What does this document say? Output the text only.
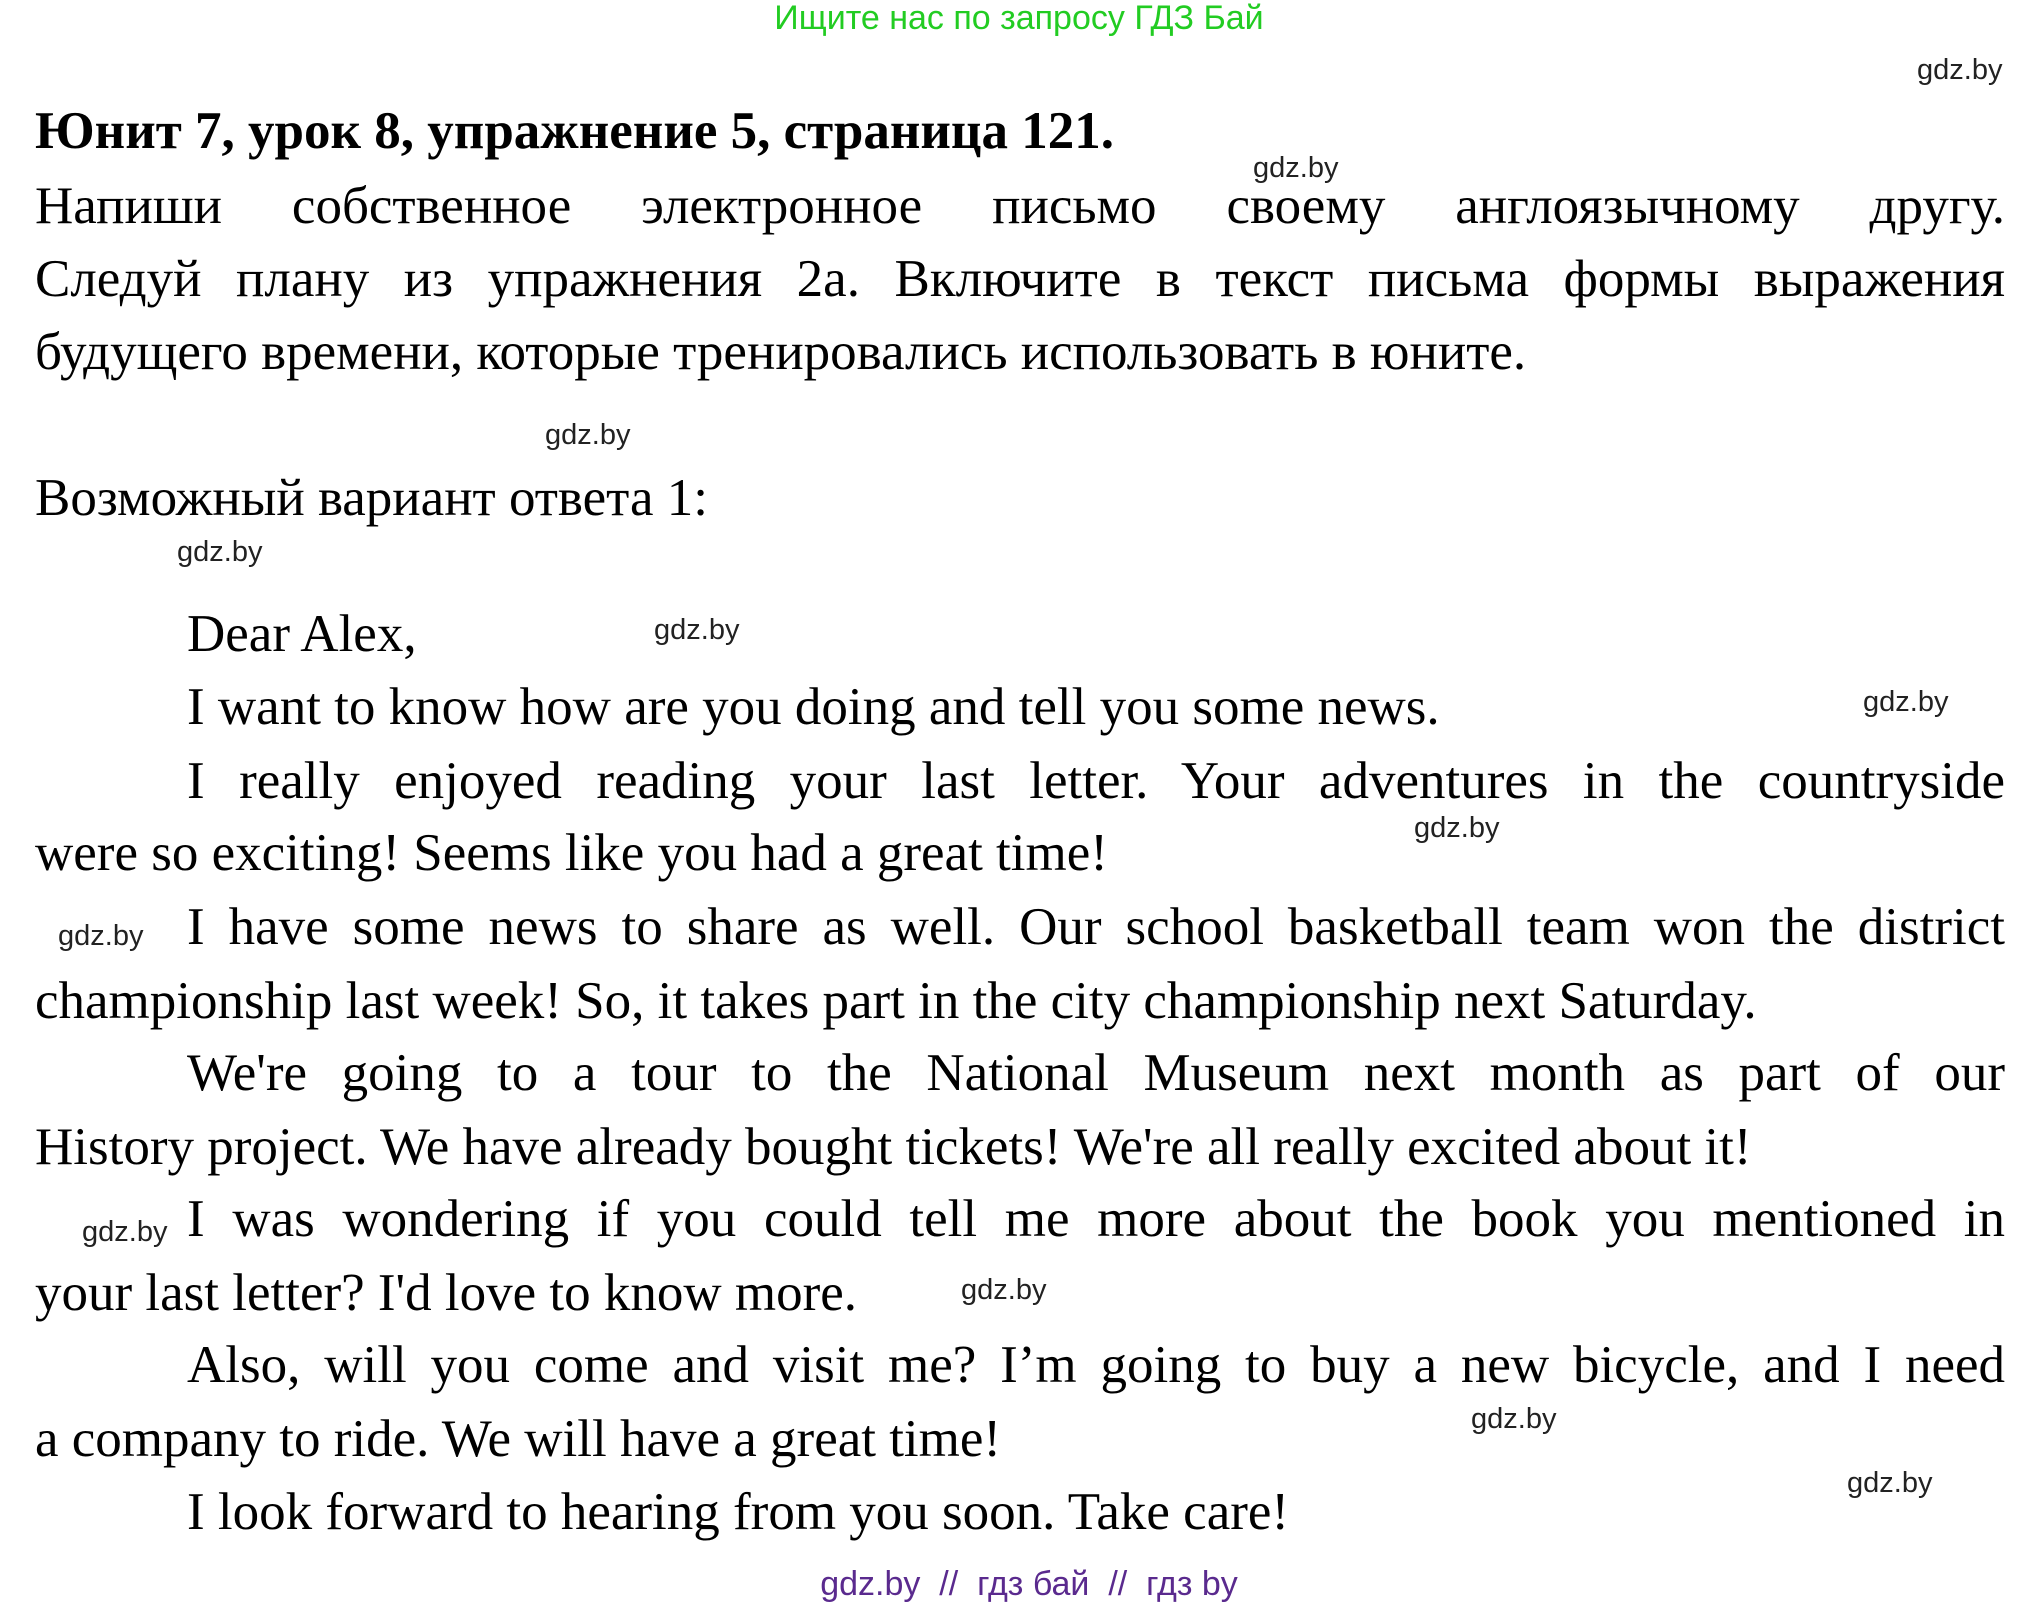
Ищите нас по запросу ГДЗ Бай
gdz.by
gdz.by
gdz.by
gdz.by
gdz.by
gdz.by
gdz.by
gdz.by
gdz.by
gdz.by
gdz.by
gdz.by
Юнит 7, урок 8, упражнение 5, страница 121.
Напиши собственное электронное письмо своему англоязычному другу.
Следуй плану из упражнения 2а. Включите в текст письма формы выражения
будущего времени, которые тренировались использовать в юните.
Возможный вариант ответа 1:
Dear Alex,
I want to know how are you doing and tell you some news.
I really enjoyed reading your last letter. Your adventures in the countryside
were so exciting! Seems like you had a great time!
I have some news to share as well. Our school basketball team won the district
championship last week! So, it takes part in the city championship next Saturday.
We're going to a tour to the National Museum next month as part of our
History project. We have already bought tickets! We're all really excited about it!
I was wondering if you could tell me more about the book you mentioned in
your last letter? I'd love to know more.
Also, will you come and visit me? I’m going to buy a new bicycle, and I need
a company to ride. We will have a great time!
I look forward to hearing from you soon. Take care!
gdz.by  //  гдз бай  //  гдз by
